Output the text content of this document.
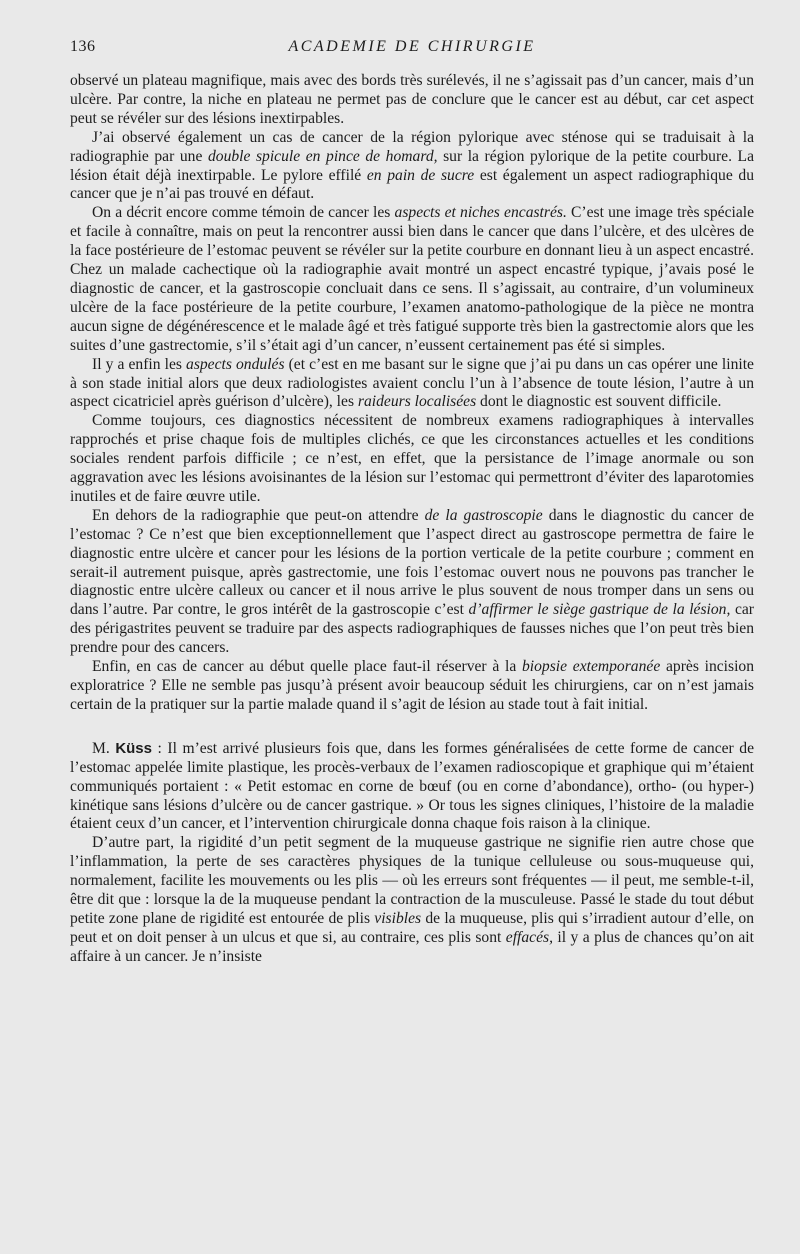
136	ACADEMIE DE CHIRURGIE

observé un plateau magnifique, mais avec des bords très surélevés, il ne s’agissait pas d’un cancer, mais d’un ulcère. Par contre, la niche en plateau ne permet pas de conclure que le cancer est au début, car cet aspect peut se révéler sur des lésions inextirpables.

J’ai observé également un cas de cancer de la région pylorique avec sténose qui se traduisait à la radiographie par une double spicule en pince de homard, sur la région pylorique de la petite courbure. La lésion était déjà inextirpable. Le pylore effilé en pain de sucre est également un aspect radiographique du cancer que je n’ai pas trouvé en défaut.

On a décrit encore comme témoin de cancer les aspects et niches encastrés. C’est une image très spéciale et facile à connaître, mais on peut la rencontrer aussi bien dans le cancer que dans l’ulcère, et des ulcères de la face postérieure de l’estomac peuvent se révéler sur la petite courbure en donnant lieu à un aspect encastré. Chez un malade cachectique où la radiographie avait montré un aspect encastré typique, j’avais posé le diagnostic de cancer, et la gastroscopie concluait dans ce sens. Il s’agissait, au contraire, d’un volumineux ulcère de la face postérieure de la petite courbure, l’examen anatomo-pathologique de la pièce ne montra aucun signe de dégénérescence et le malade âgé et très fatigué supporte très bien la gastrectomie alors que les suites d’une gastrectomie, s’il s’était agi d’un cancer, n’eussent certainement pas été si simples.

Il y a enfin les aspects ondulés (et c’est en me basant sur le signe que j’ai pu dans un cas opérer une linite à son stade initial alors que deux radiologistes avaient conclu l’un à l’absence de toute lésion, l’autre à un aspect cicatriciel après guérison d’ulcère), les raideurs localisées dont le diagnostic est souvent difficile.

Comme toujours, ces diagnostics nécessitent de nombreux examens radiographiques à intervalles rapprochés et prise chaque fois de multiples clichés, ce que les circonstances actuelles et les conditions sociales rendent parfois difficile ; ce n’est, en effet, que la persistance de l’image anormale ou son aggravation avec les lésions avoisinantes de la lésion sur l’estomac qui permettront d’éviter des laparotomies inutiles et de faire œuvre utile.

En dehors de la radiographie que peut-on attendre de la gastroscopie dans le diagnostic du cancer de l’estomac ? Ce n’est que bien exceptionnellement que l’aspect direct au gastroscope permettra de faire le diagnostic entre ulcère et cancer pour les lésions de la portion verticale de la petite courbure ; comment en serait-il autrement puisque, après gastrectomie, une fois l’estomac ouvert nous ne pouvons pas trancher le diagnostic entre ulcère calleux ou cancer et il nous arrive le plus souvent de nous tromper dans un sens ou dans l’autre. Par contre, le gros intérêt de la gastroscopie c’est d’affirmer le siège gastrique de la lésion, car des périgastrites peuvent se traduire par des aspects radiographiques de fausses niches que l’on peut très bien prendre pour des cancers.

Enfin, en cas de cancer au début quelle place faut-il réserver à la biopsie extemporanée après incision exploratrice ? Elle ne semble pas jusqu’à présent avoir beaucoup séduit les chirurgiens, car on n’est jamais certain de la pratiquer sur la partie malade quand il s’agit de lésion au stade tout à fait initial.

M. Küss : Il m’est arrivé plusieurs fois que, dans les formes généralisées de cette forme de cancer de l’estomac appelée limite plastique, les procès-verbaux de l’examen radioscopique et graphique qui m’étaient communiqués portaient : « Petit estomac en corne de bœuf (ou en corne d’abondance), ortho- (ou hyper-) kinétique sans lésions d’ulcère ou de cancer gastrique. » Or tous les signes cliniques, l’histoire de la maladie étaient ceux d’un cancer, et l’intervention chirurgicale donna chaque fois raison à la clinique.

D’autre part, la rigidité d’un petit segment de la muqueuse gastrique ne signifie rien autre chose que l’inflammation, la perte de ses caractères physiques de la tunique celluleuse ou sous-muqueuse qui, normalement, facilite les mouvements ou les plis — où les erreurs sont fréquentes — il peut, me semble-t-il, être dit que : lorsque la de la muqueuse pendant la contraction de la musculeuse. Passé le stade du tout début petite zone plane de rigidité est entourée de plis visibles de la muqueuse, plis qui s’irradient autour d’elle, on peut et on doit penser à un ulcus et que si, au contraire, ces plis sont effacés, il y a plus de chances qu’on ait affaire à un cancer. Je n’insiste
